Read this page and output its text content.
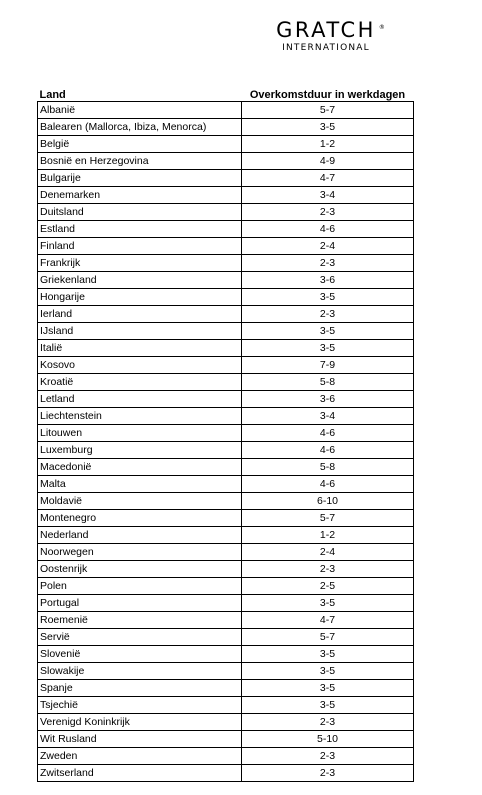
GRATCH ®
INTERNATIONAL
Land	Overkomstduur in werkdagen
Albanië	5-7
Balearen (Mallorca, Ibiza, Menorca)	3-5
België	1-2
Bosnië en Herzegovina	4-9
Bulgarije	4-7
Denemarken	3-4
Duitsland	2-3
Estland	4-6
Finland	2-4
Frankrijk	2-3
Griekenland	3-6
Hongarije	3-5
Ierland	2-3
IJsland	3-5
Italië	3-5
Kosovo	7-9
Kroatië	5-8
Letland	3-6
Liechtenstein	3-4
Litouwen	4-6
Luxemburg	4-6
Macedonië	5-8
Malta	4-6
Moldavië	6-10
Montenegro	5-7
Nederland	1-2
Noorwegen	2-4
Oostenrijk	2-3
Polen	2-5
Portugal	3-5
Roemenië	4-7
Servië	5-7
Slovenië	3-5
Slowakije	3-5
Spanje	3-5
Tsjechië	3-5
Verenigd Koninkrijk	2-3
Wit Rusland	5-10
Zweden	2-3
Zwitserland	2-3
